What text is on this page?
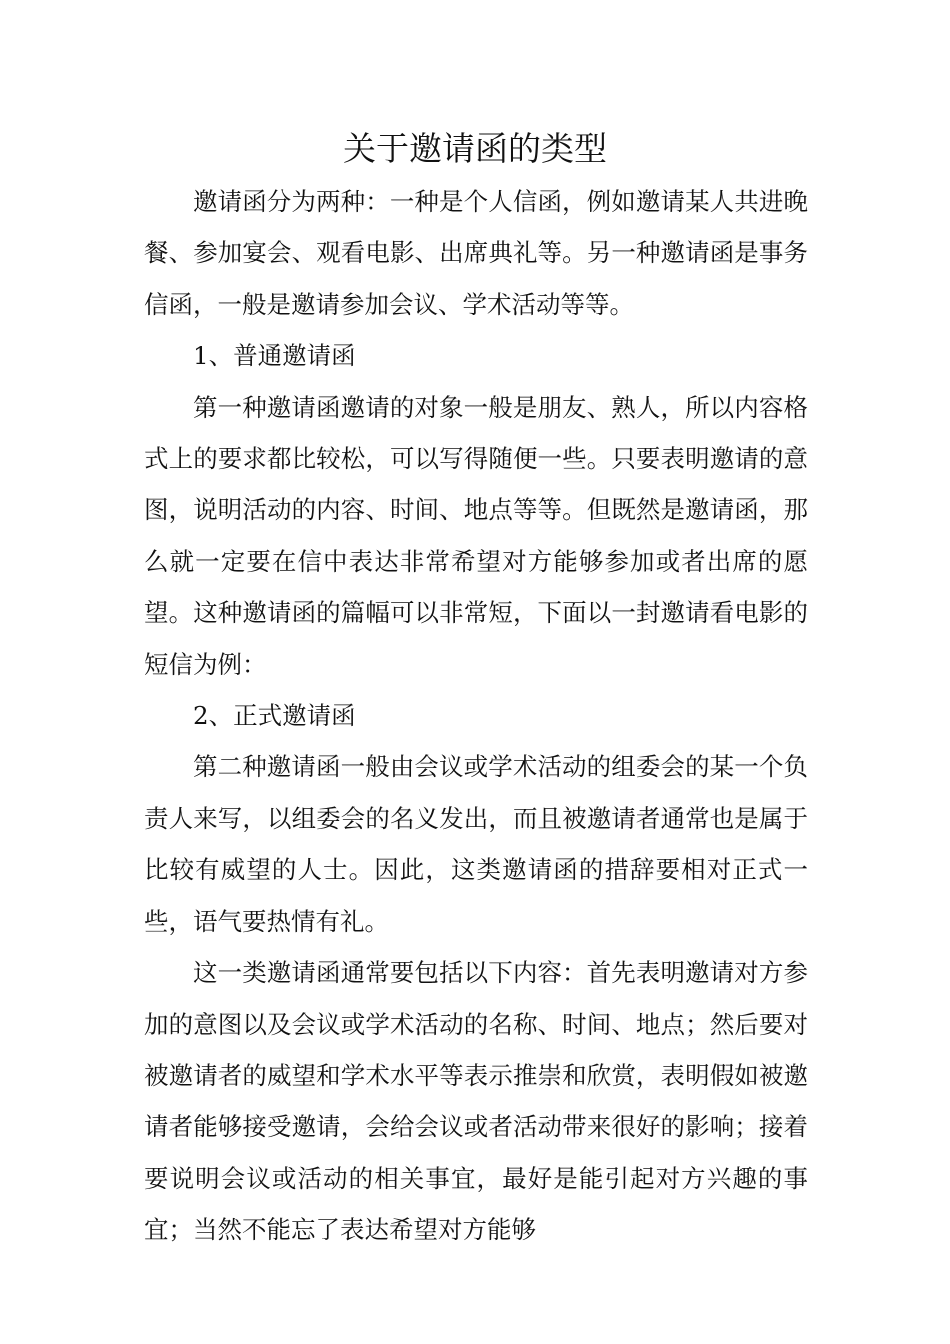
关于邀请函的类型

邀请函分为两种：一种是个人信函，例如邀请某人共进晚餐、参加宴会、观看电影、出席典礼等。另一种邀请函是事务信函，一般是邀请参加会议、学术活动等等。

1、普通邀请函

第一种邀请函邀请的对象一般是朋友、熟人，所以内容格式上的要求都比较松，可以写得随便一些。只要表明邀请的意图，说明活动的内容、时间、地点等等。但既然是邀请函，那么就一定要在信中表达非常希望对方能够参加或者出席的愿望。这种邀请函的篇幅可以非常短，下面以一封邀请看电影的短信为例：

2、正式邀请函

第二种邀请函一般由会议或学术活动的组委会的某一个负责人来写，以组委会的名义发出，而且被邀请者通常也是属于比较有威望的人士。因此，这类邀请函的措辞要相对正式一些，语气要热情有礼。

这一类邀请函通常要包括以下内容：首先表明邀请对方参加的意图以及会议或学术活动的名称、时间、地点；然后要对被邀请者的威望和学术水平等表示推崇和欣赏，表明假如被邀请者能够接受邀请，会给会议或者活动带来很好的影响；接着要说明会议或活动的相关事宜，最好是能引起对方兴趣的事宜；当然不能忘了表达希望对方能够
